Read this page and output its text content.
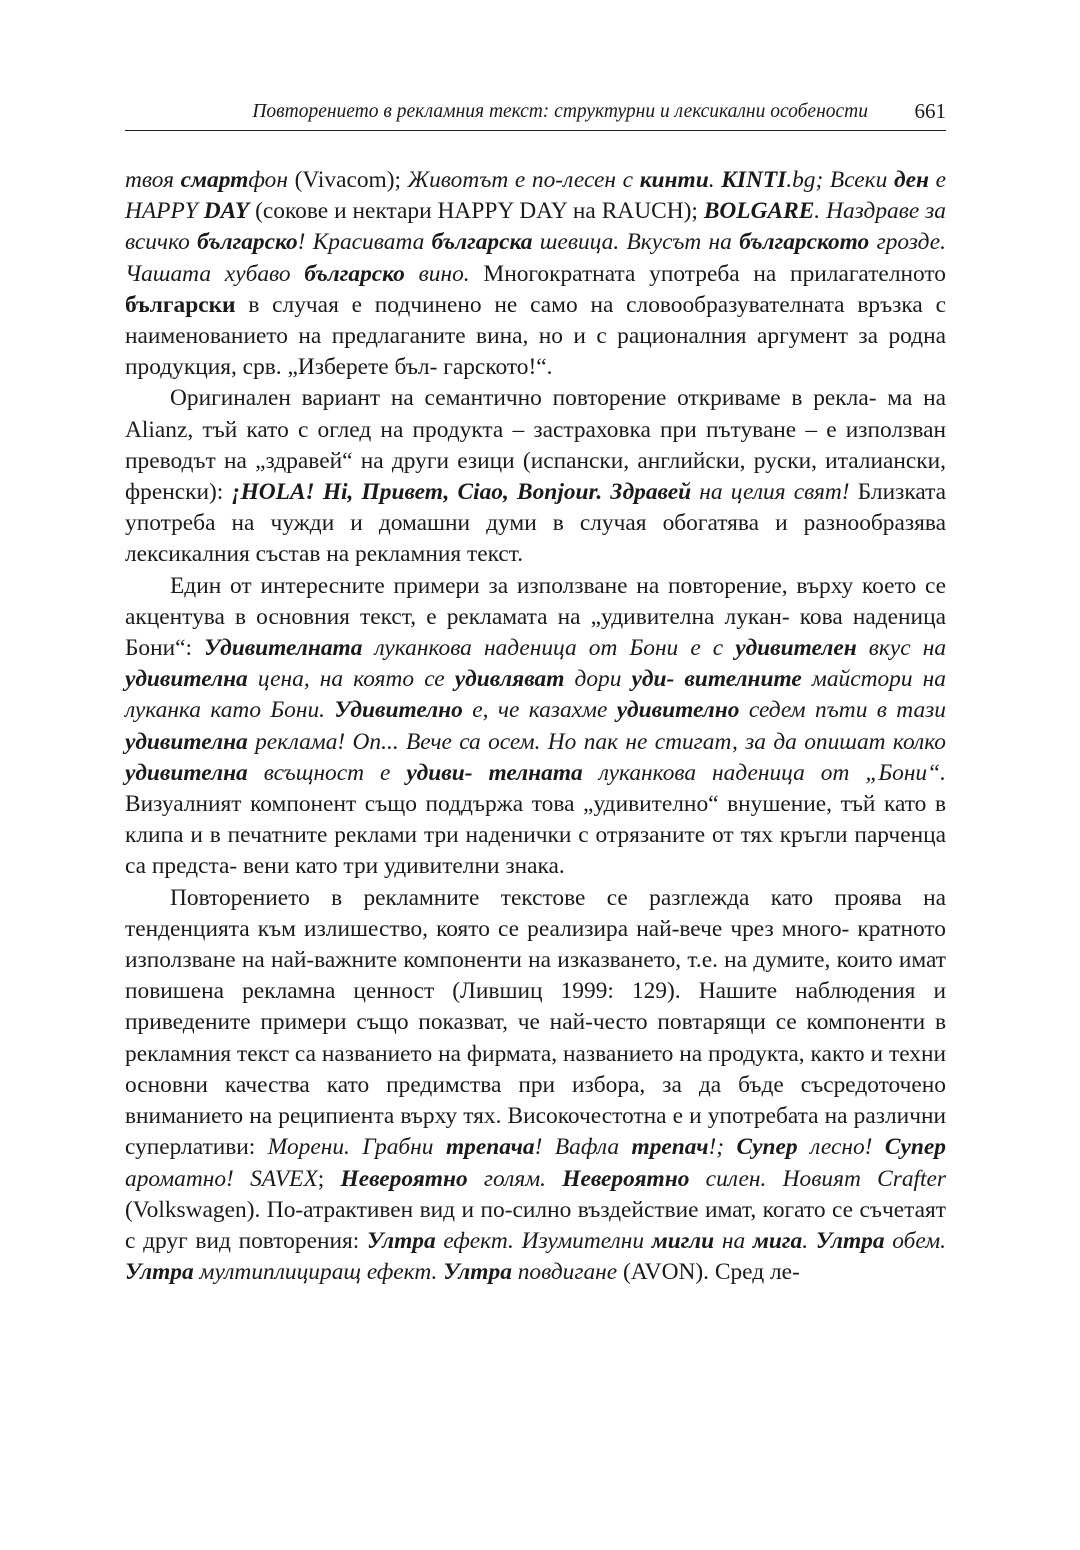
Повторението в рекламния текст: структурни и лексикални особености 661

твоя смартфон (Vivacom); Животът е по-лесен с кинти. KINTI.bg; Всеки ден е HAPPY DAY (сокове и нектари HAPPY DAY на RAUCH); BOLGARE. Наздраве за всичко българско! Красивата българска шевица. Вкусът на българското грозде. Чашата хубаво българско вино. Многократната употреба на прилагателното български в случая е подчинено не само на словообразувателната връзка с наименованието на предлаганите вина, но и с рационалния аргумент за родна продукция, срв. „Изберете бъл- гарското!“.

Оригинален вариант на семантично повторение откриваме в рекла- ма на Alianz, тъй като с оглед на продукта – застраховка при пътуване – е използван преводът на „здравей“ на други езици (испански, английски, руски, италиански, френски): ¡HOLA! Hi, Привет, Ciao, Bonjour. Здравей на целия свят! Близката употреба на чужди и домашни думи в случая обогатява и разнообразява лексикалния състав на рекламния текст.

Един от интересните примери за използване на повторение, върху което се акцентува в основния текст, е рекламата на „удивителна лукан- кова наденица Бони“: Удивителната луканкова наденица от Бони е с удивителен вкус на удивителна цена, на която се удивляват дори уди- вителните майстори на луканка като Бони. Удивително е, че казахме удивително седем пъти в тази удивителна реклама! Оп... Вече са осем. Но пак не стигат, за да опишат колко удивителна всъщност е удиви- телната луканкова наденица от „Бони“. Визуалният компонент също поддържа това „удивително“ внушение, тъй като в клипа и в печатните реклами три наденички с отрязаните от тях кръгли парченца са предста- вени като три удивителни знака.

Повторението в рекламните текстове се разглежда като проява на тенденцията към излишество, която се реализира най-вече чрез много- кратното използване на най-важните компоненти на изказването, т.е. на думите, които имат повишена рекламна ценност (Лившиц 1999: 129). Нашите наблюдения и приведените примери също показват, че най-често повтарящи се компоненти в рекламния текст са названието на фирмата, названието на продукта, както и техни основни качества като предимства при избора, за да бъде съсредоточено вниманието на реципиента върху тях. Високочестотна е и употребата на различни суперлативи: Морени. Грабни трепача! Вафла трепач!; Супер лесно! Супер ароматно! SAVEX; Невероятно голям. Невероятно силен. Новият Crafter (Volkswagen). По-атрактивен вид и по-силно въздействие имат, когато се съчетаят с друг вид повторения: Ултра ефект. Изумителни мигли на мига. Ултра обем. Ултра мултиплициращ ефект. Ултра повдигане (AVON). Сред ле-
